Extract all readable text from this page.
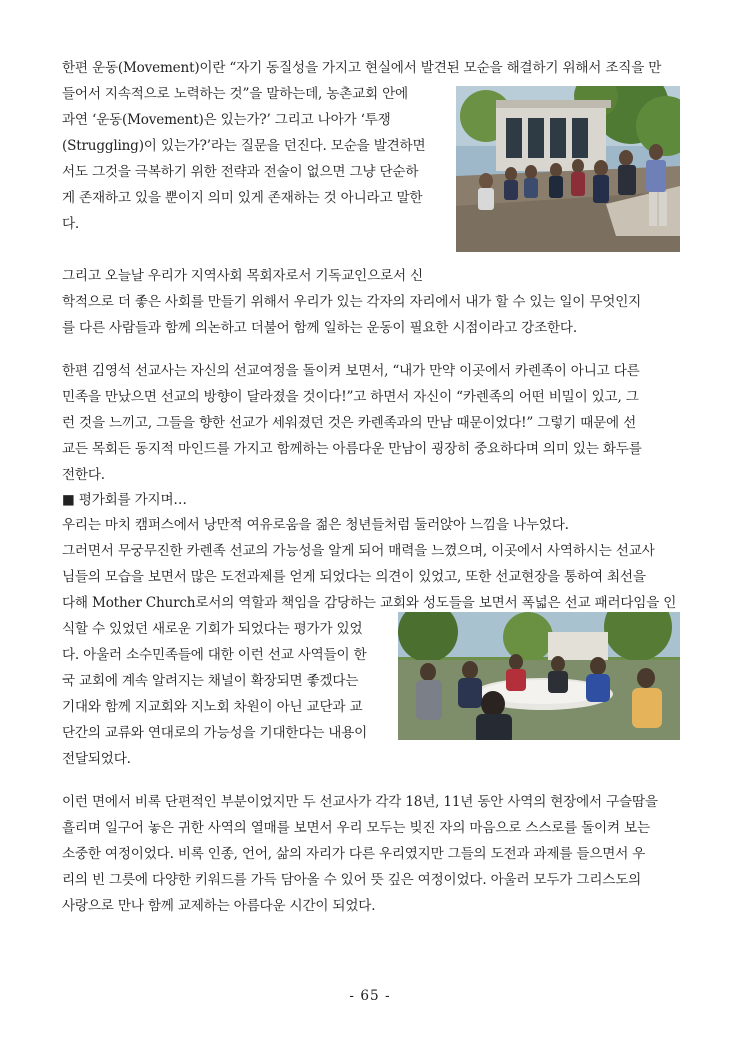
한편 운동(Movement)이란 “자기 동질성을 가지고 현실에서 발견된 모순을 해결하기 위해서 조직을 만
들어서 지속적으로 노력하는 것”을 말하는데, 농촌교회 안에
과연 ‘운동(Movement)은 있는가?’ 그리고 나아가 ‘투쟁
(Struggling)이 있는가?’라는 질문을 던진다. 모순을 발견하면
서도 그것을 극복하기 위한 전략과 전술이 없으면 그냥 단순하
게 존재하고 있을 뿐이지 의미 있게 존재하는 것 아니라고 말한
다.
그리고 오늘날 우리가 지역사회 목회자로서 기독교인으로서 신
학적으로 더 좋은 사회를 만들기 위해서 우리가 있는 각자의 자리에서 내가 할 수 있는 일이 무엇인지
를 다른 사람들과 함께 의논하고 더불어 함께 일하는 운동이 필요한 시점이라고 강조한다.
한편 김영석 선교사는 자신의 선교여정을 돌이켜 보면서, “내가 만약 이곳에서 카렌족이 아니고 다른
민족을 만났으면 선교의 방향이 달라졌을 것이다!”고 하면서 자신이 “카렌족의 어떤 비밀이 있고, 그
런 것을 느끼고, 그들을 향한 선교가 세워졌던 것은 카렌족과의 만남 때문이었다!” 그렇기 때문에 선
교든 목회든 동지적 마인드를 가지고 함께하는 아름다운 만남이 굉장히 중요하다며 의미 있는 화두를
전한다.
■ 평가회를 가지며…
우리는 마치 캠퍼스에서 낭만적 여유로움을 젊은 청년들처럼 둘러앉아 느낌을 나누었다.
그러면서 무궁무진한 카렌족 선교의 가능성을 알게 되어 매력을 느꼈으며, 이곳에서 사역하시는 선교사
님들의 모습을 보면서 많은 도전과제를 얻게 되었다는 의견이 있었고, 또한 선교현장을 통하여 최선을
다해 Mother Church로서의 역할과 책임을 감당하는 교회와 성도들을 보면서 폭넓은 선교 패러다임을 인
식할 수 있었던 새로운 기회가 되었다는 평가가 있었
다. 아울러 소수민족들에 대한 이런 선교 사역들이 한
국 교회에 계속 알려지는 채널이 확장되면 좋겠다는
기대와 함께 지교회와 지노회 차원이 아닌 교단과 교
단간의 교류와 연대로의 가능성을 기대한다는 내용이
전달되었다.
이런 면에서 비록 단편적인 부분이었지만 두 선교사가 각각 18년, 11년 동안 사역의 현장에서 구슬땀을
흘리며 일구어 놓은 귀한 사역의 열매를 보면서 우리 모두는 빚진 자의 마음으로 스스로를 돌이켜 보는
소중한 여정이었다. 비록 인종, 언어, 삶의 자리가 다른 우리였지만 그들의 도전과 과제를 들으면서 우
리의 빈 그릇에 다양한 키워드를 가득 담아올 수 있어 뜻 깊은 여정이었다. 아울러 모두가 그리스도의
사랑으로 만나 함께 교제하는 아름다운 시간이 되었다.
- 65 -
